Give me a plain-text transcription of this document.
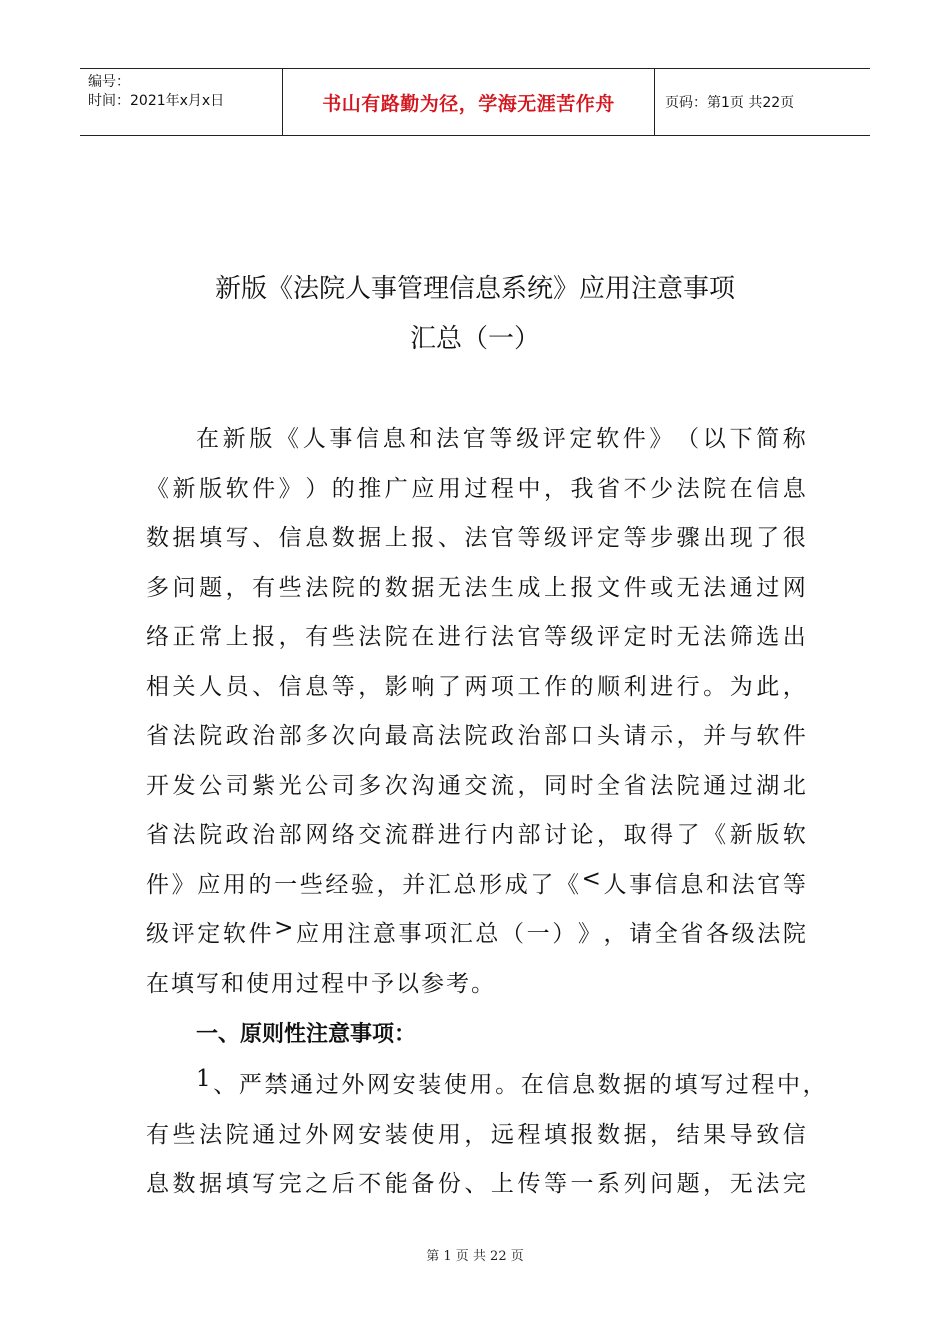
编号：
时间：2021年x月x日	书山有路勤为径，学海无涯苦作舟	页码：第1页 共22页
新版《法院人事管理信息系统》应用注意事项
汇总（一）
在 新 版 《 人 事 信 息 和 法 官 等 级 评 定 软 件 》 （ 以 下 简 称
《 新 版 软 件 》 ） 的 推 广 应 用 过 程 中 ， 我 省 不 少 法 院 在 信 息
数 据 填 写 、 信 息 数 据 上 报 、 法 官 等 级 评 定 等 步 骤 出 现 了 很
多 问 题 ， 有 些 法 院 的 数 据 无 法 生 成 上 报 文 件 或 无 法 通 过 网
络 正 常 上 报 ， 有 些 法 院 在 进 行 法 官 等 级 评 定 时 无 法 筛 选 出
相 关 人 员 、 信 息 等 ， 影 响 了 两 项 工 作 的 顺 利 进 行 。 为 此 ，
省 法 院 政 治 部 多 次 向 最 高 法 院 政 治 部 口 头 请 示 ， 并 与 软 件
开 发 公 司 紫 光 公 司 多 次 沟 通 交 流 ， 同 时 全 省 法 院 通 过 湖 北
省 法 院 政 治 部 网 络 交 流 群 进 行 内 部 讨 论 ， 取 得 了 《 新 版 软
件 》 应 用 的 一 些 经 验 ， 并 汇 总 形 成 了 《 < 人 事 信 息 和 法 官 等
级 评 定 软 件 > 应 用 注 意 事 项 汇 总 （ 一 ） 》 ， 请 全 省 各 级 法 院
在填写和使用过程中予以参考。
一、原则性注意事项：
1 、 严 禁 通 过 外 网 安 装 使 用 。 在 信 息 数 据 的 填 写 过 程 中 ，
有 些 法 院 通 过 外 网 安 装 使 用 ， 远 程 填 报 数 据 ， 结 果 导 致 信
息 数 据 填 写 完 之 后 不 能 备 份 、 上 传 等 一 系 列 问 题 ， 无 法 完
第 1 页 共 22 页
